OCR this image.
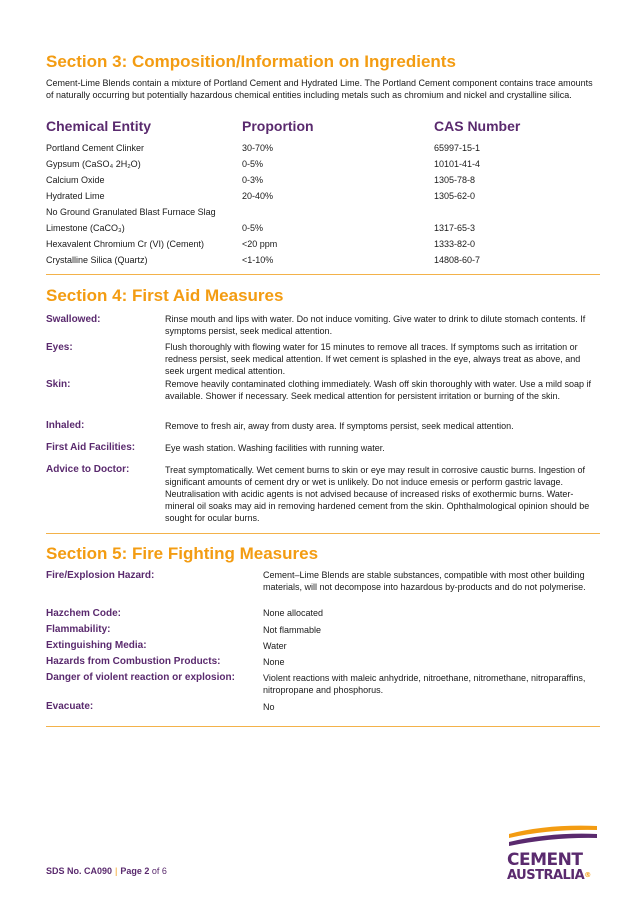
Section 3: Composition/Information on Ingredients
Cement-Lime Blends contain a mixture of Portland Cement and Hydrated Lime. The Portland Cement component contains trace amounts of naturally occurring but potentially hazardous chemical entities including metals such as chromium and nickel and crystalline silica.
Chemical Entity	Proportion	CAS Number
Portland Cement Clinker	30-70%	65997-15-1
Gypsum (CaSO₄ 2H₂O)	0-5%	10101-41-4
Calcium Oxide	0-3%	1305-78-8
Hydrated Lime	20-40%	1305-62-0
No Ground Granulated Blast Furnace Slag
Limestone (CaCO₃)	0-5%	1317-65-3
Hexavalent Chromium Cr (VI) (Cement)	<20 ppm	1333-82-0
Crystalline Silica (Quartz)	<1-10%	14808-60-7
Section 4: First Aid Measures
Swallowed:	Rinse mouth and lips with water. Do not induce vomiting. Give water to drink to dilute stomach contents. If symptoms persist, seek medical attention.
Eyes:	Flush thoroughly with flowing water for 15 minutes to remove all traces. If symptoms such as irritation or redness persist, seek medical attention. If wet cement is splashed in the eye, always treat as above, and seek urgent medical attention.
Skin:	Remove heavily contaminated clothing immediately. Wash off skin thoroughly with water. Use a mild soap if available. Shower if necessary. Seek medical attention for persistent irritation or burning of the skin.
Inhaled:	Remove to fresh air, away from dusty area. If symptoms persist, seek medical attention.
First Aid Facilities:	Eye wash station. Washing facilities with running water.
Advice to Doctor:	Treat symptomatically. Wet cement burns to skin or eye may result in corrosive caustic burns. Ingestion of significant amounts of cement dry or wet is unlikely. Do not induce emesis or perform gastric lavage. Neutralisation with acidic agents is not advised because of increased risks of exothermic burns. Water-mineral oil soaks may aid in removing hardened cement from the skin. Ophthalmological opinion should be sought for ocular burns.
Section 5: Fire Fighting Measures
Fire/Explosion Hazard:	Cement–Lime Blends are stable substances, compatible with most other building materials, will not decompose into hazardous by-products and do not polymerise.
Hazchem Code:	None allocated
Flammability:	Not flammable
Extinguishing Media:	Water
Hazards from Combustion Products:	None
Danger of violent reaction or explosion:	Violent reactions with maleic anhydride, nitroethane, nitromethane, nitroparaffins, nitropropane and phosphorus.
Evacuate:	No
SDS No. CA090 | Page 2 of 6
CEMENT
AUSTRALIA®
